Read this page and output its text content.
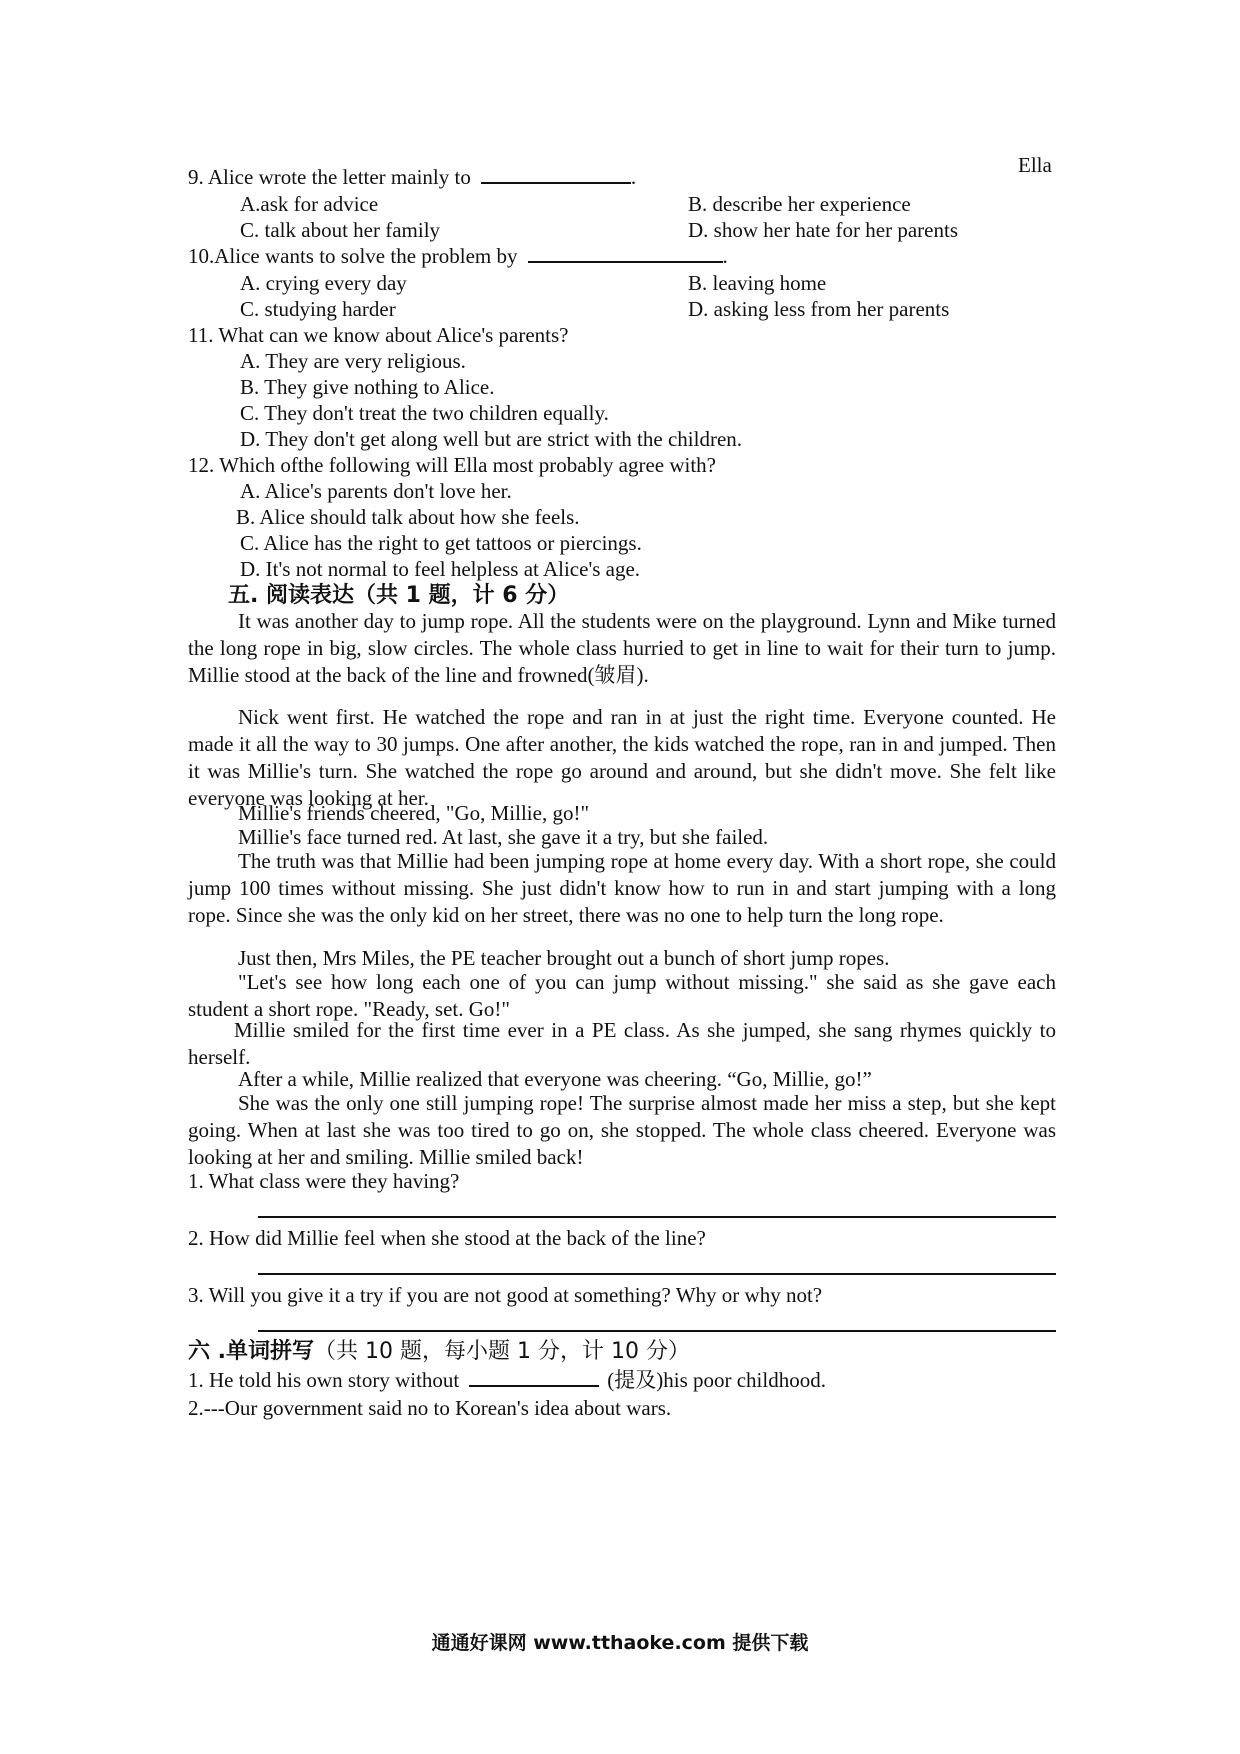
Ella
9. Alice wrote the letter mainly to	.
A.ask for advice	B. describe her experience
C. talk about her family	D. show her hate for her parents
10.Alice wants to solve the problem by	.
A. crying every day	B. leaving home
C. studying harder	D. asking less from her parents
11. What can we know about Alice's parents?
A. They are very religious.
B. They give nothing to Alice.
C. They don't treat the two children equally.
D. They don't get along well but are strict with the children.
12. Which ofthe following will Ella most probably agree with?
A. Alice's parents don't love her.
B. Alice should talk about how she feels.
C. Alice has the right to get tattoos or piercings.
D. It's not normal to feel helpless at Alice's age.
五. 阅读表达（共 1 题，计 6 分）
It was another day to jump rope. All the students were on the playground. Lynn and Mike turned the long rope in big, slow circles. The whole class hurried to get in line to wait for their turn to jump. Millie stood at the back of the line and frowned(皱眉).
Nick went first. He watched the rope and ran in at just the right time. Everyone counted. He made it all the way to 30 jumps. One after another, the kids watched the rope, ran in and jumped. Then it was Millie's turn. She watched the rope go around and around, but she didn't move. She felt like everyone was looking at her.
Millie's friends cheered, "Go, Millie, go!"
Millie's face turned red. At last, she gave it a try, but she failed.
The truth was that Millie had been jumping rope at home every day. With a short rope, she could jump 100 times without missing. She just didn't know how to run in and start jumping with a long rope. Since she was the only kid on her street, there was no one to help turn the long rope.
Just then, Mrs Miles, the PE teacher brought out a bunch of short jump ropes.
"Let's see how long each one of you can jump without missing." she said as she gave each student a short rope. "Ready, set. Go!"
Millie smiled for the first time ever in a PE class. As she jumped, she sang rhymes quickly to herself.
After a while, Millie realized that everyone was cheering. “Go, Millie, go!”
She was the only one still jumping rope! The surprise almost made her miss a step, but she kept going. When at last she was too tired to go on, she stopped. The whole class cheered. Everyone was looking at her and smiling. Millie smiled back!
1. What class were they having?
2. How did Millie feel when she stood at the back of the line?
3. Will you give it a try if you are not good at something? Why or why not?
六 .单词拼写（共 10 题，每小题 1 分，计 10 分）
1. He told his own story without	(提及)his poor childhood.
2.---Our government said no to Korean's idea about wars.
通通好课网 www.tthaoke.com 提供下载
